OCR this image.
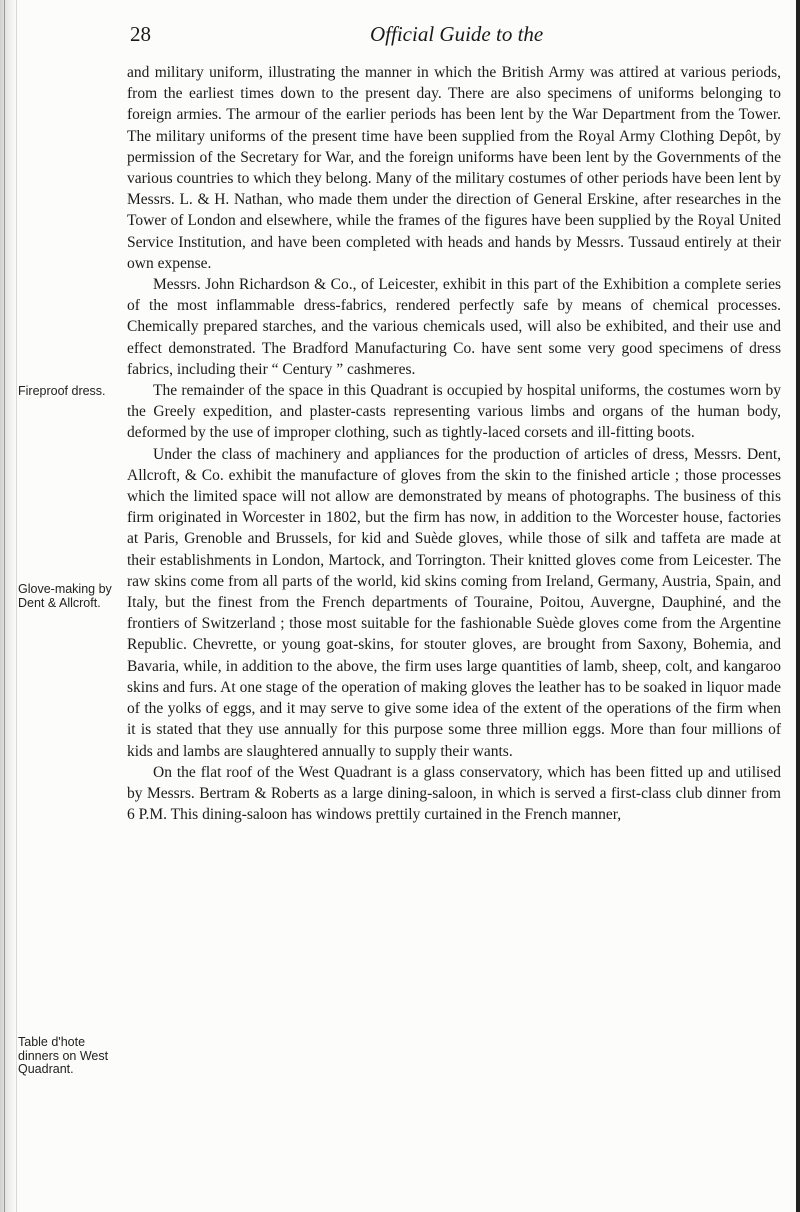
28	Official Guide to the
Fireproof dress.
Glove-making by Dent & Allcroft.
Table d'hote dinners on West Quadrant.

and military uniform, illustrating the manner in which the British Army was attired at various periods, from the earliest times down to the present day. There are also specimens of uniforms belonging to foreign armies. The armour of the earlier periods has been lent by the War Department from the Tower. The military uniforms of the present time have been supplied from the Royal Army Clothing Depôt, by permission of the Secretary for War, and the foreign uniforms have been lent by the Governments of the various countries to which they belong. Many of the military costumes of other periods have been lent by Messrs. L. & H. Nathan, who made them under the direction of General Erskine, after researches in the Tower of London and elsewhere, while the frames of the figures have been supplied by the Royal United Service Institution, and have been completed with heads and hands by Messrs. Tussaud entirely at their own expense.

Messrs. John Richardson & Co., of Leicester, exhibit in this part of the Exhibition a complete series of the most inflammable dress-fabrics, rendered perfectly safe by means of chemical processes. Chemically prepared starches, and the various chemicals used, will also be exhibited, and their use and effect demonstrated. The Bradford Manufacturing Co. have sent some very good specimens of dress fabrics, including their “ Century ” cashmeres.

The remainder of the space in this Quadrant is occupied by hospital uniforms, the costumes worn by the Greely expedition, and plaster-casts representing various limbs and organs of the human body, deformed by the use of improper clothing, such as tightly-laced corsets and ill-fitting boots.

Under the class of machinery and appliances for the production of articles of dress, Messrs. Dent, Allcroft, & Co. exhibit the manufacture of gloves from the skin to the finished article ; those processes which the limited space will not allow are demonstrated by means of photographs. The business of this firm originated in Worcester in 1802, but the firm has now, in addition to the Worcester house, factories at Paris, Grenoble and Brussels, for kid and Suède gloves, while those of silk and taffeta are made at their establishments in London, Martock, and Torrington. Their knitted gloves come from Leicester. The raw skins come from all parts of the world, kid skins coming from Ireland, Germany, Austria, Spain, and Italy, but the finest from the French departments of Touraine, Poitou, Auvergne, Dauphiné, and the frontiers of Switzerland ; those most suitable for the fashionable Suède gloves come from the Argentine Republic. Chevrette, or young goat-skins, for stouter gloves, are brought from Saxony, Bohemia, and Bavaria, while, in addition to the above, the firm uses large quantities of lamb, sheep, colt, and kangaroo skins and furs. At one stage of the operation of making gloves the leather has to be soaked in liquor made of the yolks of eggs, and it may serve to give some idea of the extent of the operations of the firm when it is stated that they use annually for this purpose some three million eggs. More than four millions of kids and lambs are slaughtered annually to supply their wants.

On the flat roof of the West Quadrant is a glass conservatory, which has been fitted up and utilised by Messrs. Bertram & Roberts as a large dining-saloon, in which is served a first-class club dinner from 6 P.M. This dining-saloon has windows prettily curtained in the French manner,
